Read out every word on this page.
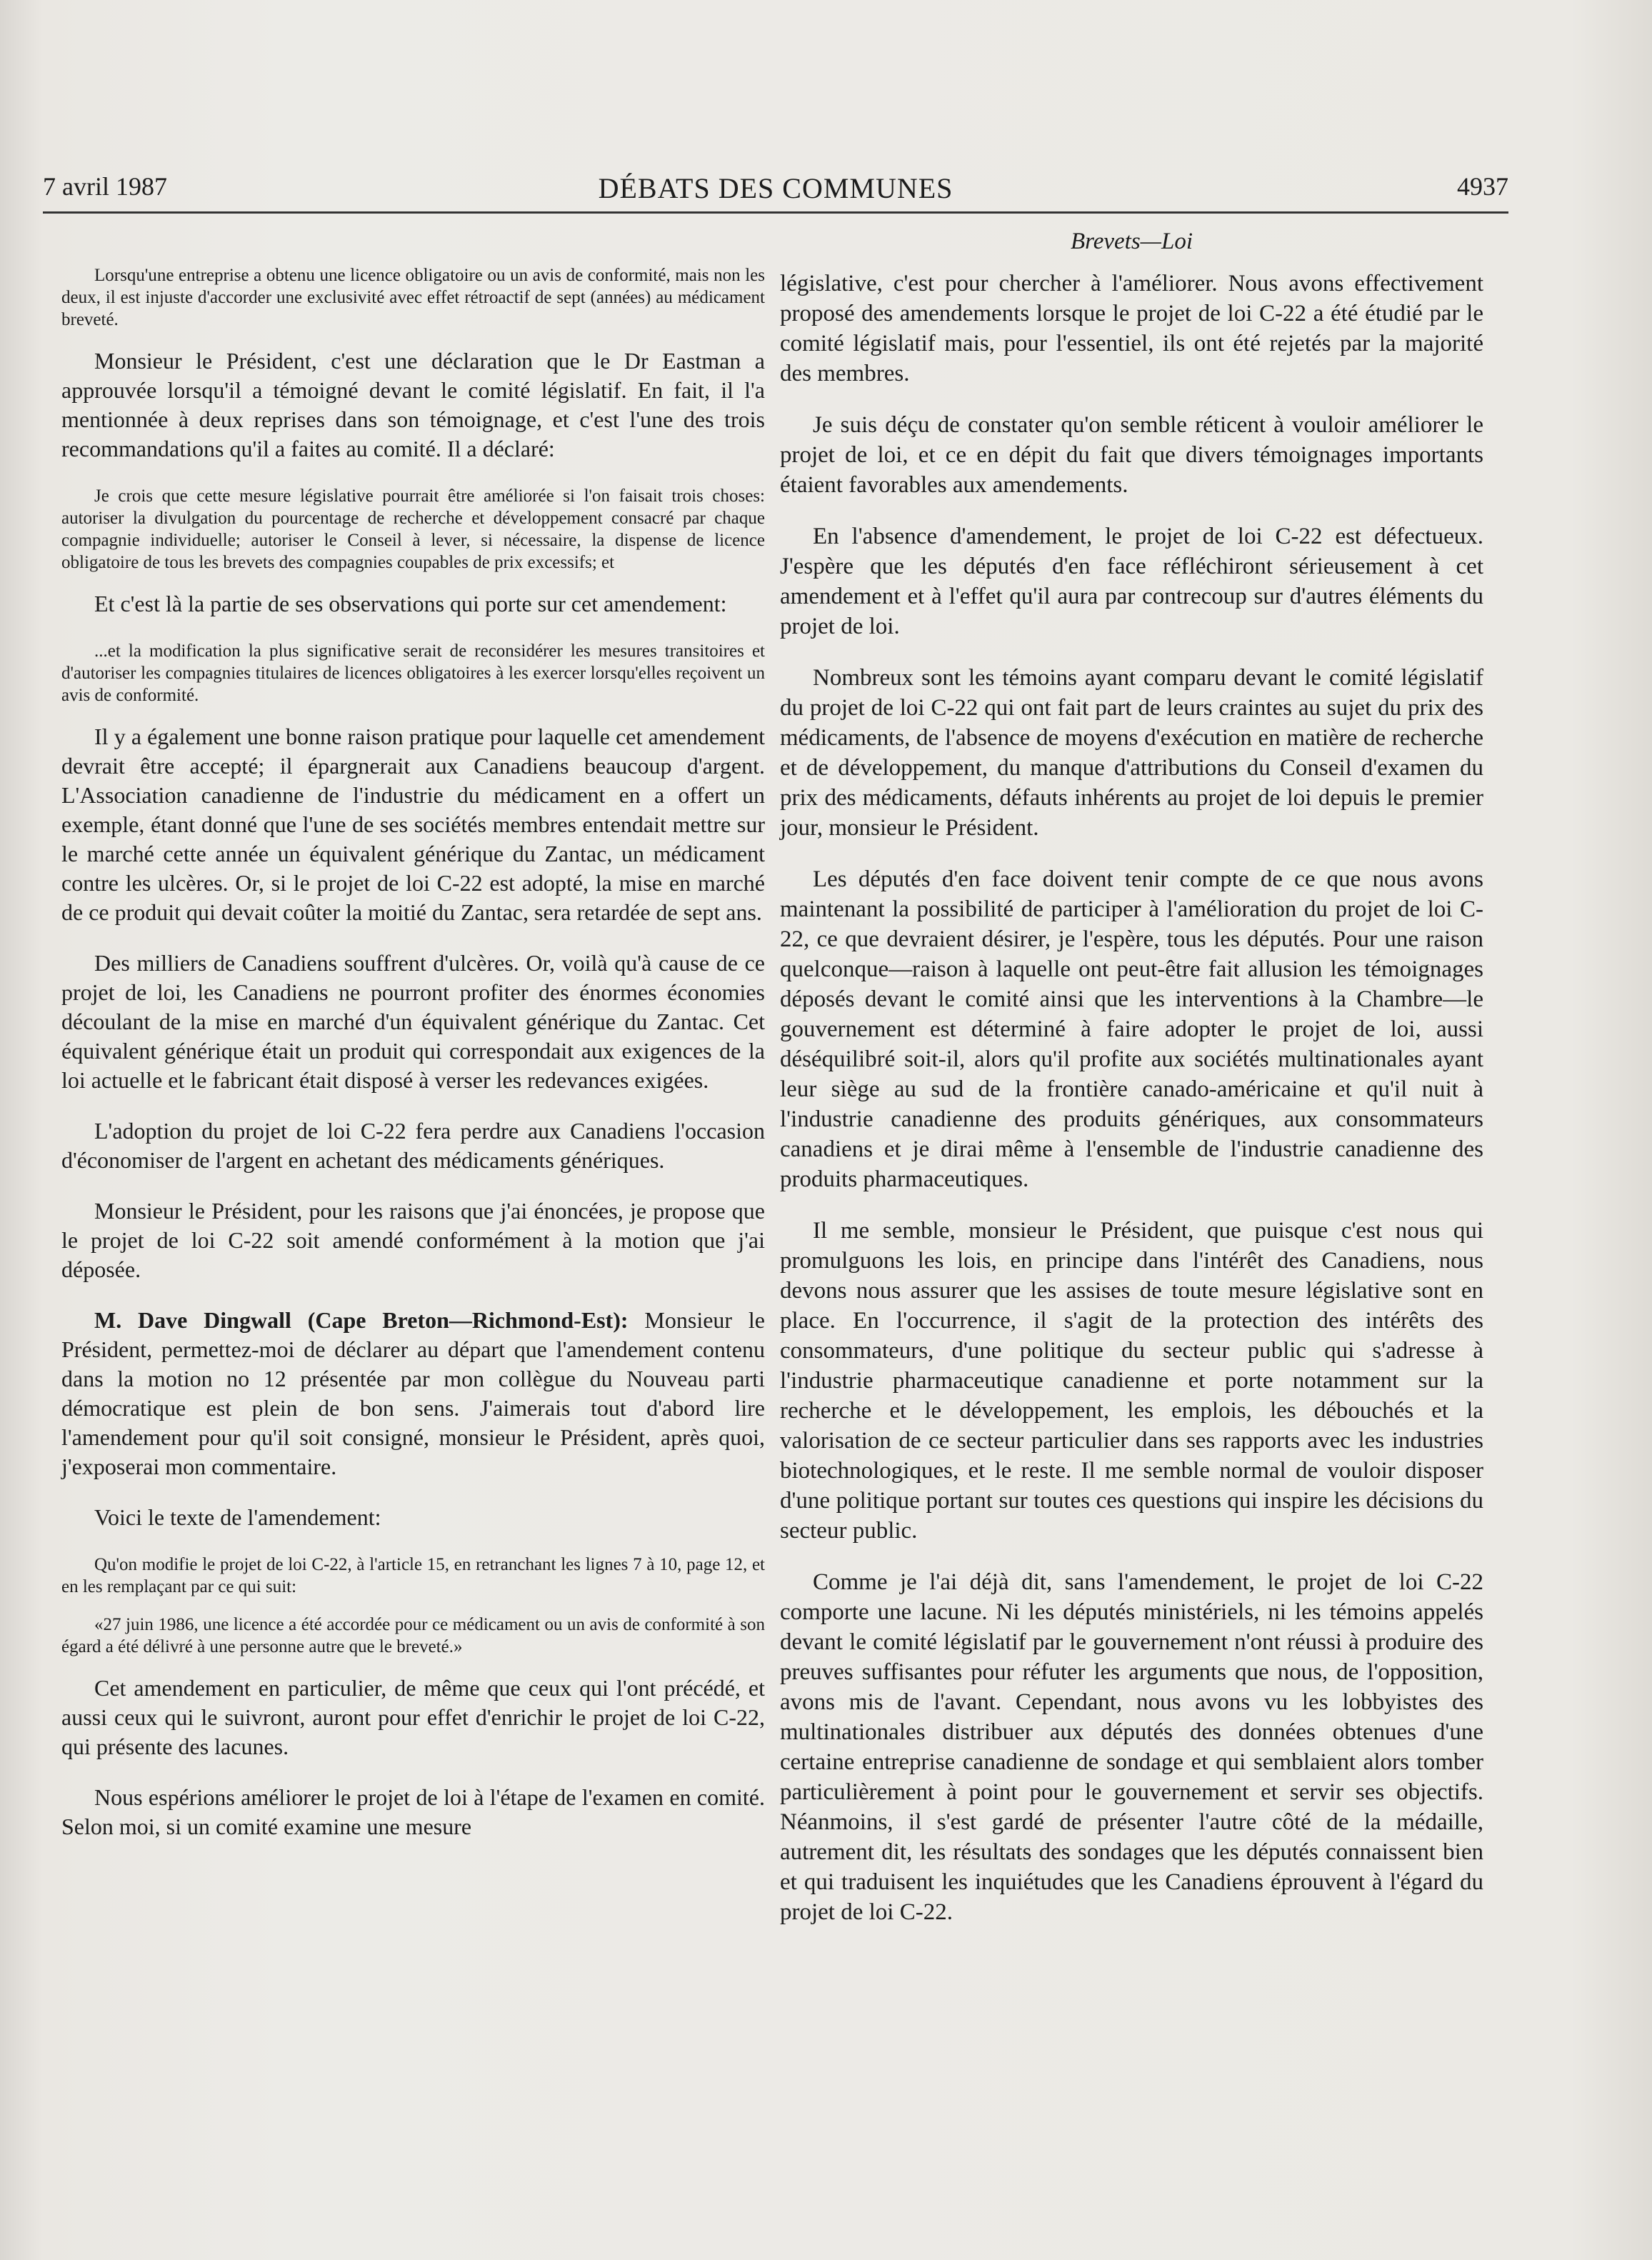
7 avril 1987	DÉBATS DES COMMUNES	4937

Lorsqu'une entreprise a obtenu une licence obligatoire ou un avis de conformité, mais non les deux, il est injuste d'accorder une exclusivité avec effet rétroactif de sept (années) au médicament breveté.

Monsieur le Président, c'est une déclaration que le Dr Eastman a approuvée lorsqu'il a témoigné devant le comité législatif. En fait, il l'a mentionnée à deux reprises dans son témoignage, et c'est l'une des trois recommandations qu'il a faites au comité. Il a déclaré:

Je crois que cette mesure législative pourrait être améliorée si l'on faisait trois choses: autoriser la divulgation du pourcentage de recherche et développement consacré par chaque compagnie individuelle; autoriser le Conseil à lever, si nécessaire, la dispense de licence obligatoire de tous les brevets des compagnies coupables de prix excessifs; et

Et c'est là la partie de ses observations qui porte sur cet amendement:

...et la modification la plus significative serait de reconsidérer les mesures transitoires et d'autoriser les compagnies titulaires de licences obligatoires à les exercer lorsqu'elles reçoivent un avis de conformité.

Il y a également une bonne raison pratique pour laquelle cet amendement devrait être accepté; il épargnerait aux Canadiens beaucoup d'argent. L'Association canadienne de l'industrie du médicament en a offert un exemple, étant donné que l'une de ses sociétés membres entendait mettre sur le marché cette année un équivalent générique du Zantac, un médicament contre les ulcères. Or, si le projet de loi C-22 est adopté, la mise en marché de ce produit qui devait coûter la moitié du Zantac, sera retardée de sept ans.

Des milliers de Canadiens souffrent d'ulcères. Or, voilà qu'à cause de ce projet de loi, les Canadiens ne pourront profiter des énormes économies découlant de la mise en marché d'un équivalent générique du Zantac. Cet équivalent générique était un produit qui correspondait aux exigences de la loi actuelle et le fabricant était disposé à verser les redevances exigées.

L'adoption du projet de loi C-22 fera perdre aux Canadiens l'occasion d'économiser de l'argent en achetant des médicaments génériques.

Monsieur le Président, pour les raisons que j'ai énoncées, je propose que le projet de loi C-22 soit amendé conformément à la motion que j'ai déposée.

M. Dave Dingwall (Cape Breton—Richmond-Est): Monsieur le Président, permettez-moi de déclarer au départ que l'amendement contenu dans la motion no 12 présentée par mon collègue du Nouveau parti démocratique est plein de bon sens. J'aimerais tout d'abord lire l'amendement pour qu'il soit consigné, monsieur le Président, après quoi, j'exposerai mon commentaire.

Voici le texte de l'amendement:

Qu'on modifie le projet de loi C-22, à l'article 15, en retranchant les lignes 7 à 10, page 12, et en les remplaçant par ce qui suit:

«27 juin 1986, une licence a été accordée pour ce médicament ou un avis de conformité à son égard a été délivré à une personne autre que le breveté.»

Cet amendement en particulier, de même que ceux qui l'ont précédé, et aussi ceux qui le suivront, auront pour effet d'enrichir le projet de loi C-22, qui présente des lacunes.

Nous espérions améliorer le projet de loi à l'étape de l'examen en comité. Selon moi, si un comité examine une mesure

Brevets—Loi

législative, c'est pour chercher à l'améliorer. Nous avons effectivement proposé des amendements lorsque le projet de loi C-22 a été étudié par le comité législatif mais, pour l'essentiel, ils ont été rejetés par la majorité des membres.

Je suis déçu de constater qu'on semble réticent à vouloir améliorer le projet de loi, et ce en dépit du fait que divers témoignages importants étaient favorables aux amendements.

En l'absence d'amendement, le projet de loi C-22 est défectueux. J'espère que les députés d'en face réfléchiront sérieusement à cet amendement et à l'effet qu'il aura par contrecoup sur d'autres éléments du projet de loi.

Nombreux sont les témoins ayant comparu devant le comité législatif du projet de loi C-22 qui ont fait part de leurs craintes au sujet du prix des médicaments, de l'absence de moyens d'exécution en matière de recherche et de développement, du manque d'attributions du Conseil d'examen du prix des médicaments, défauts inhérents au projet de loi depuis le premier jour, monsieur le Président.

Les députés d'en face doivent tenir compte de ce que nous avons maintenant la possibilité de participer à l'amélioration du projet de loi C-22, ce que devraient désirer, je l'espère, tous les députés. Pour une raison quelconque—raison à laquelle ont peut-être fait allusion les témoignages déposés devant le comité ainsi que les interventions à la Chambre—le gouvernement est déterminé à faire adopter le projet de loi, aussi déséquilibré soit-il, alors qu'il profite aux sociétés multinationales ayant leur siège au sud de la frontière canado-américaine et qu'il nuit à l'industrie canadienne des produits génériques, aux consommateurs canadiens et je dirai même à l'ensemble de l'industrie canadienne des produits pharmaceutiques.

Il me semble, monsieur le Président, que puisque c'est nous qui promulguons les lois, en principe dans l'intérêt des Canadiens, nous devons nous assurer que les assises de toute mesure législative sont en place. En l'occurrence, il s'agit de la protection des intérêts des consommateurs, d'une politique du secteur public qui s'adresse à l'industrie pharmaceutique canadienne et porte notamment sur la recherche et le développement, les emplois, les débouchés et la valorisation de ce secteur particulier dans ses rapports avec les industries biotechnologiques, et le reste. Il me semble normal de vouloir disposer d'une politique portant sur toutes ces questions qui inspire les décisions du secteur public.

Comme je l'ai déjà dit, sans l'amendement, le projet de loi C-22 comporte une lacune. Ni les députés ministériels, ni les témoins appelés devant le comité législatif par le gouvernement n'ont réussi à produire des preuves suffisantes pour réfuter les arguments que nous, de l'opposition, avons mis de l'avant. Cependant, nous avons vu les lobbyistes des multinationales distribuer aux députés des données obtenues d'une certaine entreprise canadienne de sondage et qui semblaient alors tomber particulièrement à point pour le gouvernement et servir ses objectifs. Néanmoins, il s'est gardé de présenter l'autre côté de la médaille, autrement dit, les résultats des sondages que les députés connaissent bien et qui traduisent les inquiétudes que les Canadiens éprouvent à l'égard du projet de loi C-22.
